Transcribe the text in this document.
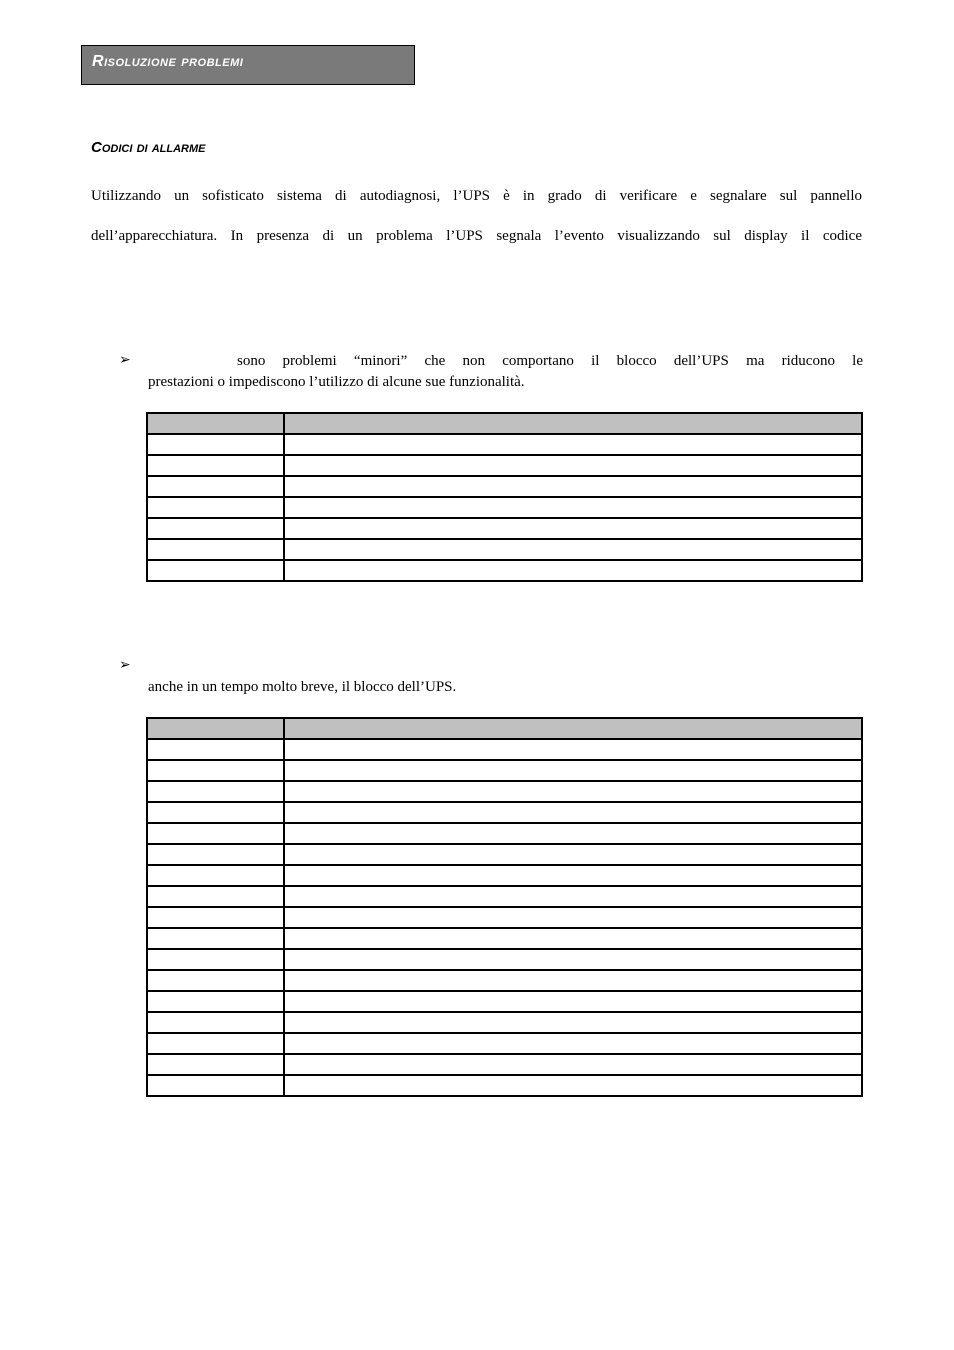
Risoluzione problemi
Codici di allarme
Utilizzando un sofisticato sistema di autodiagnosi, l’UPS è in grado di verificare e segnalare sul pannello
dell’apparecchiatura. In presenza di un problema l’UPS segnala l’evento visualizzando sul display il codice
➢	sono problemi “minori” che non comportano il blocco dell’UPS ma riducono le
prestazioni o impediscono l’utilizzo di alcune sue funzionalità.

➢
anche in un tempo molto breve, il blocco dell’UPS.
